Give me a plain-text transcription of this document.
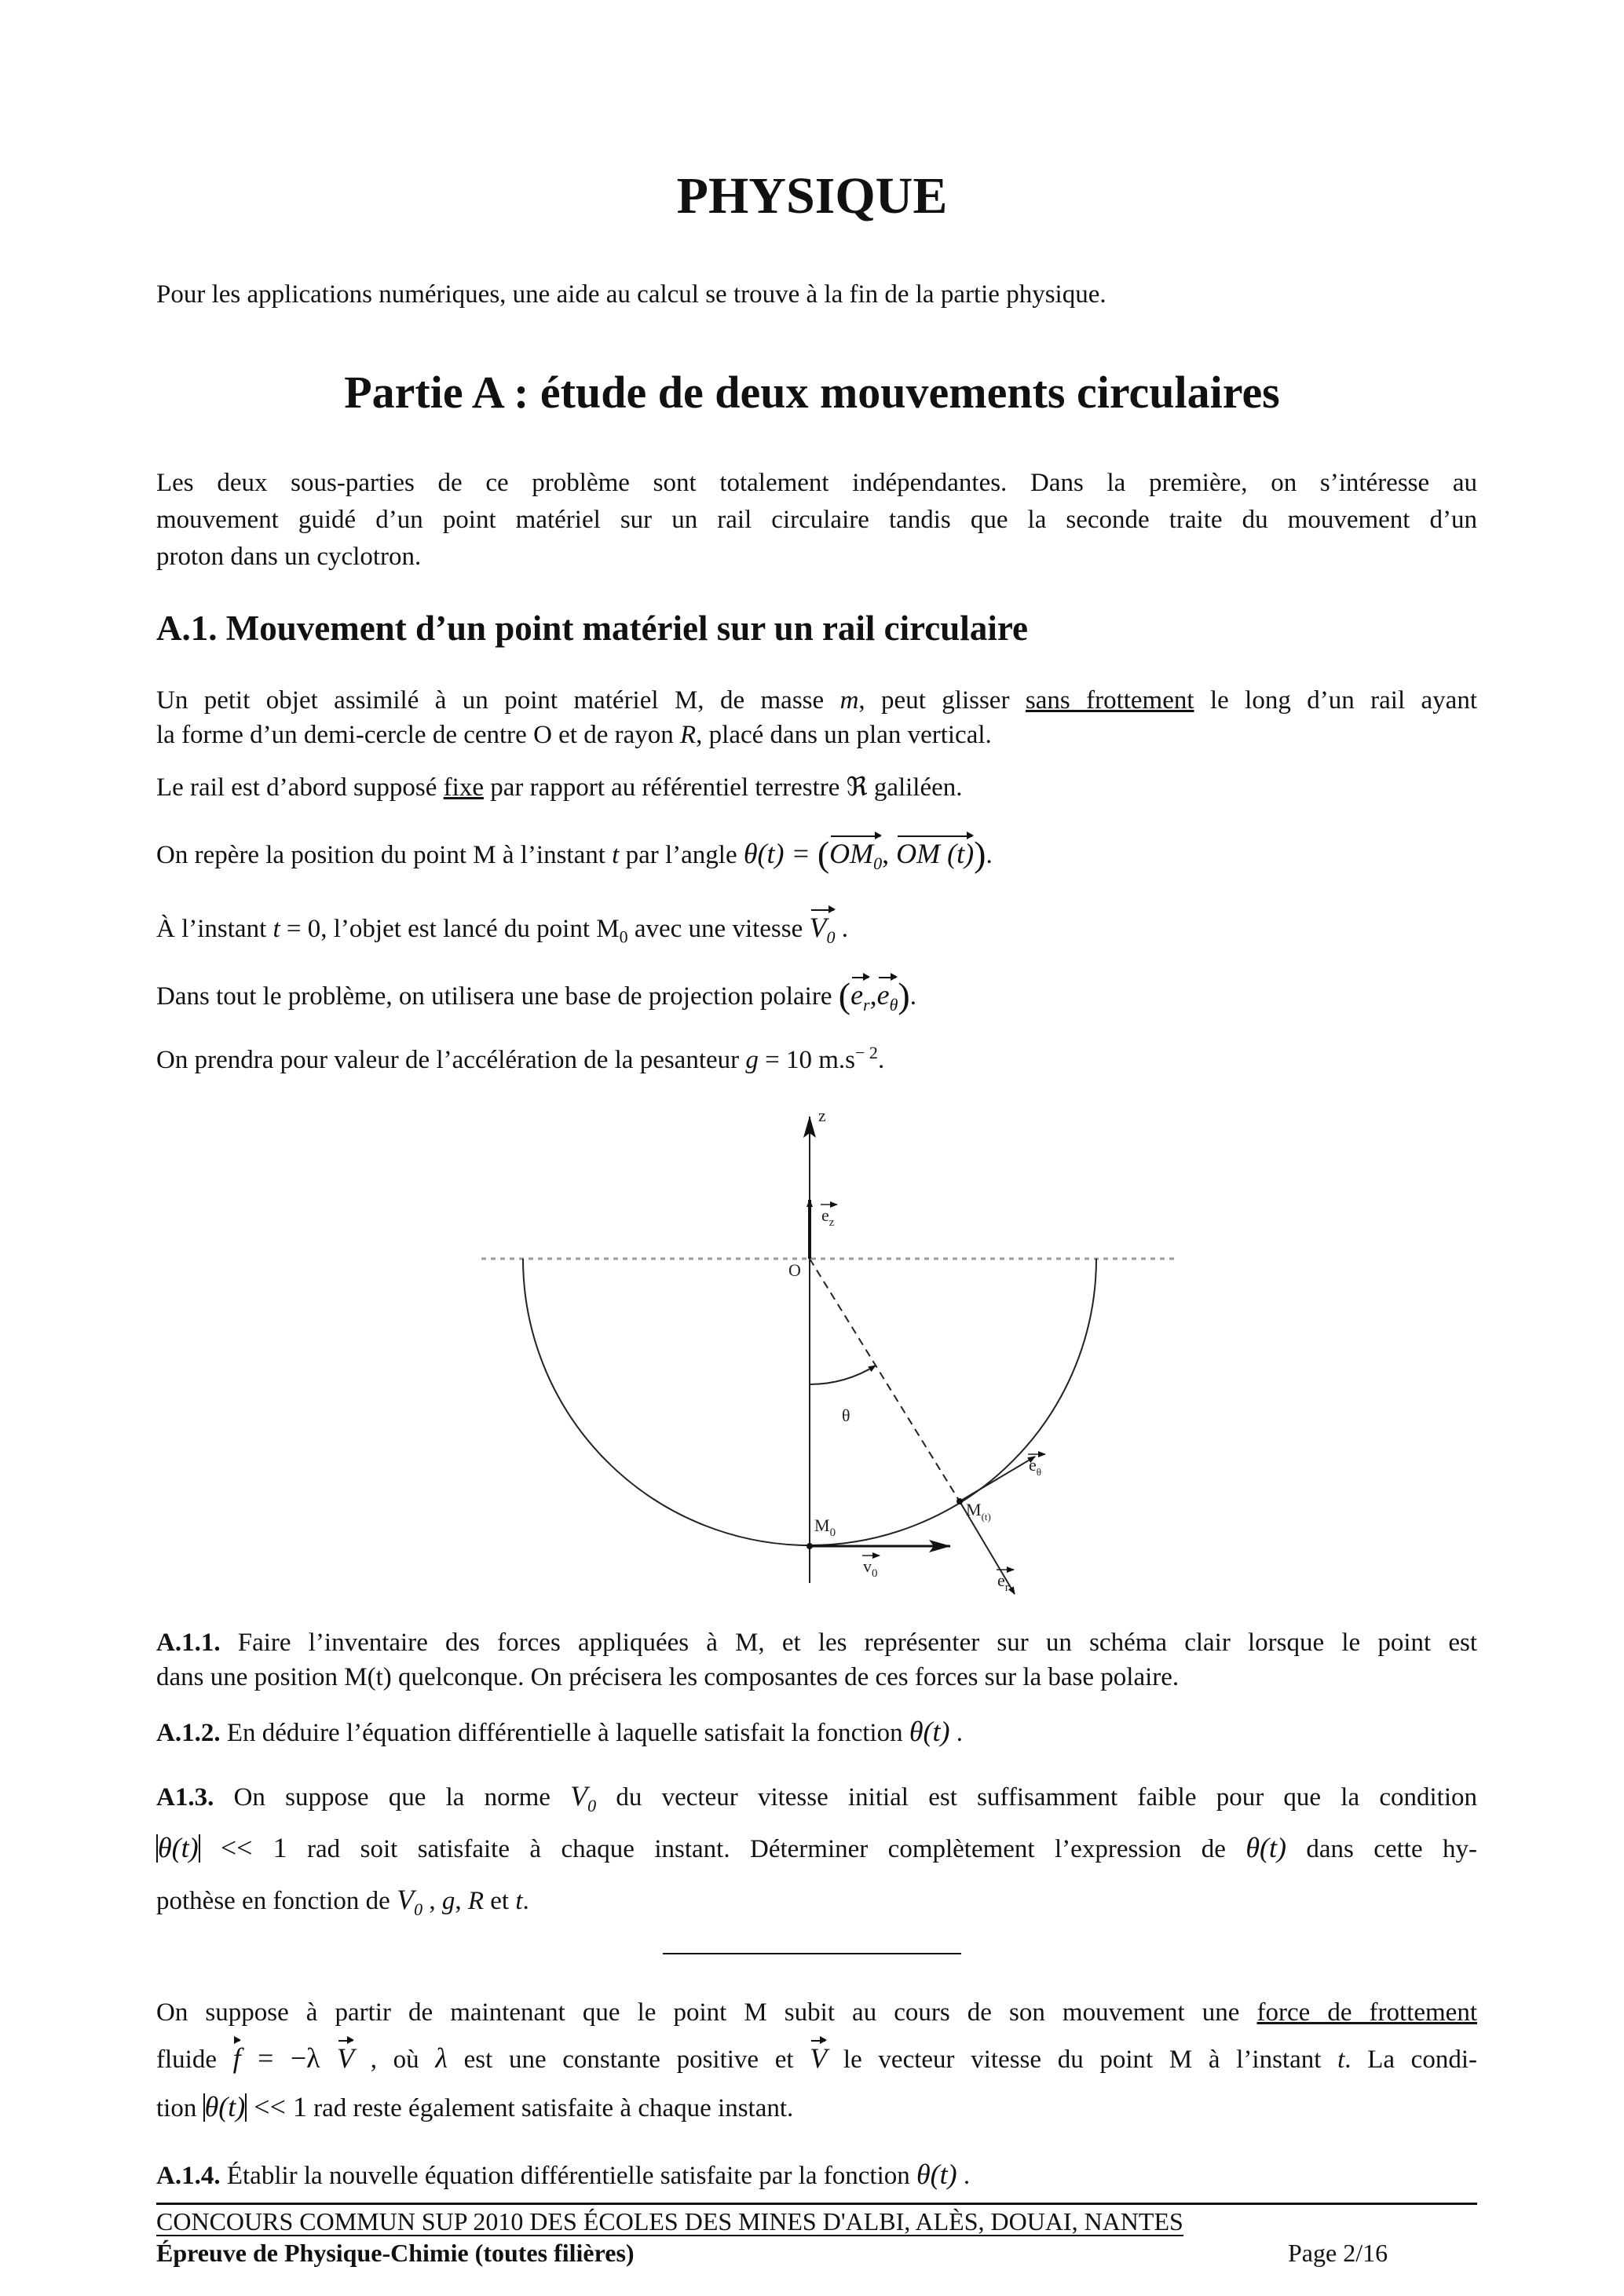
PHYSIQUE
Pour les applications numériques, une aide au calcul se trouve à la fin de la partie physique.
Partie A : étude de deux mouvements circulaires
Les deux sous-parties de ce problème sont totalement indépendantes. Dans la première, on s’intéresse au
mouvement guidé d’un point matériel sur un rail circulaire tandis que la seconde traite du mouvement d’un
proton dans un cyclotron.
A.1. Mouvement d’un point matériel sur un rail circulaire
Un petit objet assimilé à un point matériel M, de masse m, peut glisser sans frottement le long d’un rail ayant
la forme d’un demi-cercle de centre O et de rayon R, placé dans un plan vertical.
Le rail est d’abord supposé fixe par rapport au référentiel terrestre ℜ galiléen.
On repère la position du point M à l’instant t par l’angle $\theta(t) = (OM_0$, OM (t)).
À l’instant t = 0, l’objet est lancé du point $M_0$ avec une vitesse $V_0$ .
Dans tout le problème, on utilisera une base de projection polaire $(e_r,e_\theta)$.
On prendra pour valeur de l’accélération de la pesanteur g = 10 $m.s^{- 2}$.
z
$e_z$
O
θ
$M_0$
$M_{(t)}$
$v_0$
$e_\theta$
$e_r$
A.1.1. Faire l’inventaire des forces appliquées à M, et les représenter sur un schéma clair lorsque le point est
dans une position M(t) quelconque. On précisera les composantes de ces forces sur la base polaire.
A.1.2. En déduire l’équation différentielle à laquelle satisfait la fonction θ(t) .
A1.3. On suppose que la norme $V_0$ du vecteur vitesse initial est suffisamment faible pour que la condition
θ(t) << 1 rad soit satisfaite à chaque instant. Déterminer complètement l’expression de θ(t) dans cette hy-
pothèse en fonction de $V_0$ , g, R et t.
On suppose à partir de maintenant que le point M subit au cours de son mouvement une force de frottement
fluide f = −λ V , où λ est une constante positive et V le vecteur vitesse du point M à l’instant t. La condi-
tion θ(t) << 1 rad reste également satisfaite à chaque instant.
A.1.4. Établir la nouvelle équation différentielle satisfaite par la fonction θ(t) .
CONCOURS COMMUN SUP 2010 DES ÉCOLES DES MINES D'ALBI, ALÈS, DOUAI, NANTES
Épreuve de Physique-Chimie (toutes filières)	Page 2/16
